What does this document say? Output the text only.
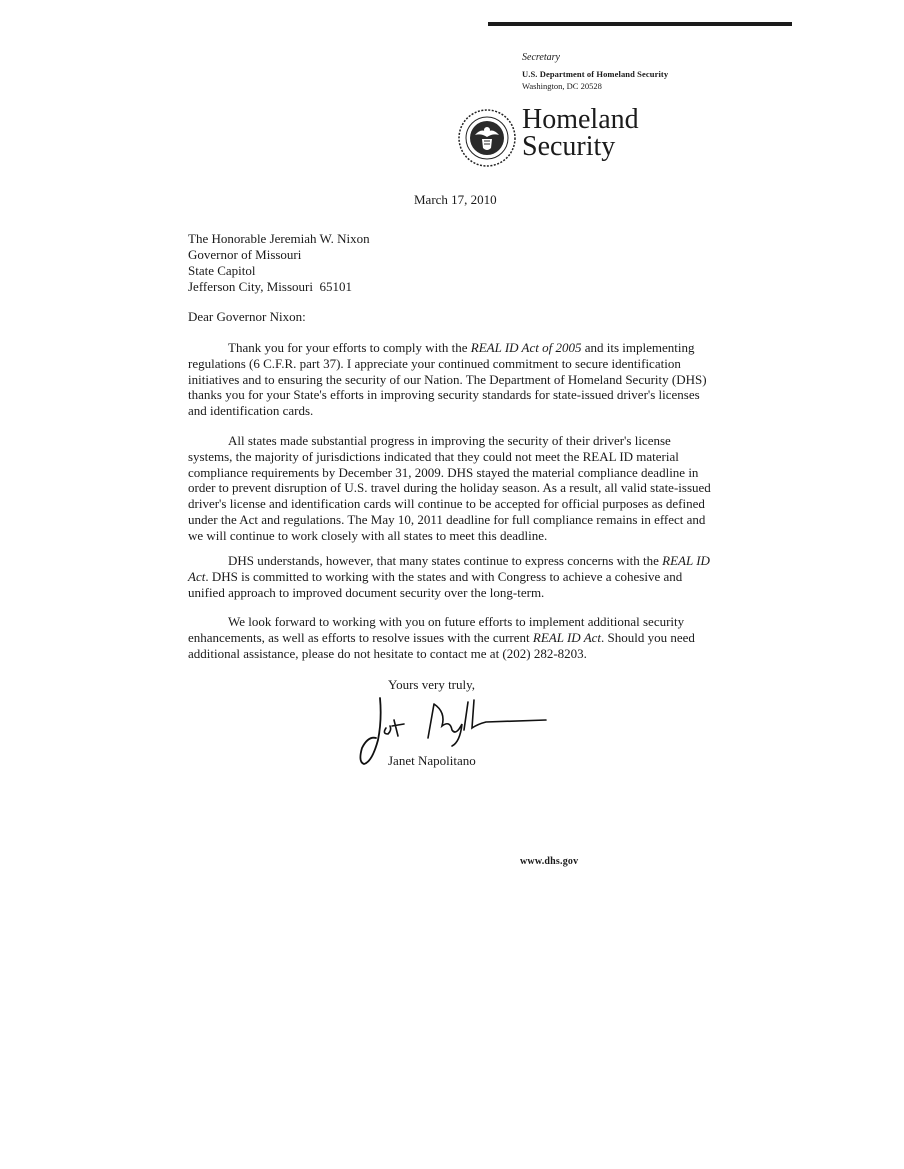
Secretary
U.S. Department of Homeland Security
Washington, DC 20528
Homeland
Security
March 17, 2010
The Honorable Jeremiah W. Nixon
Governor of Missouri
State Capitol
Jefferson City, Missouri  65101
Dear Governor Nixon:

Thank you for your efforts to comply with the REAL ID Act of 2005 and its implementing regulations (6 C.F.R. part 37). I appreciate your continued commitment to secure identification initiatives and to ensuring the security of our Nation. The Department of Homeland Security (DHS) thanks you for your State's efforts in improving security standards for state-issued driver's licenses and identification cards.

All states made substantial progress in improving the security of their driver's license systems, the majority of jurisdictions indicated that they could not meet the REAL ID material compliance requirements by December 31, 2009. DHS stayed the material compliance deadline in order to prevent disruption of U.S. travel during the holiday season. As a result, all valid state-issued driver's license and identification cards will continue to be accepted for official purposes as defined under the Act and regulations. The May 10, 2011 deadline for full compliance remains in effect and we will continue to work closely with all states to meet this deadline.

DHS understands, however, that many states continue to express concerns with the REAL ID Act. DHS is committed to working with the states and with Congress to achieve a cohesive and unified approach to improved document security over the long-term.

We look forward to working with you on future efforts to implement additional security enhancements, as well as efforts to resolve issues with the current REAL ID Act. Should you need additional assistance, please do not hesitate to contact me at (202) 282-8203.

Yours very truly,
Janet Napolitano
www.dhs.gov
